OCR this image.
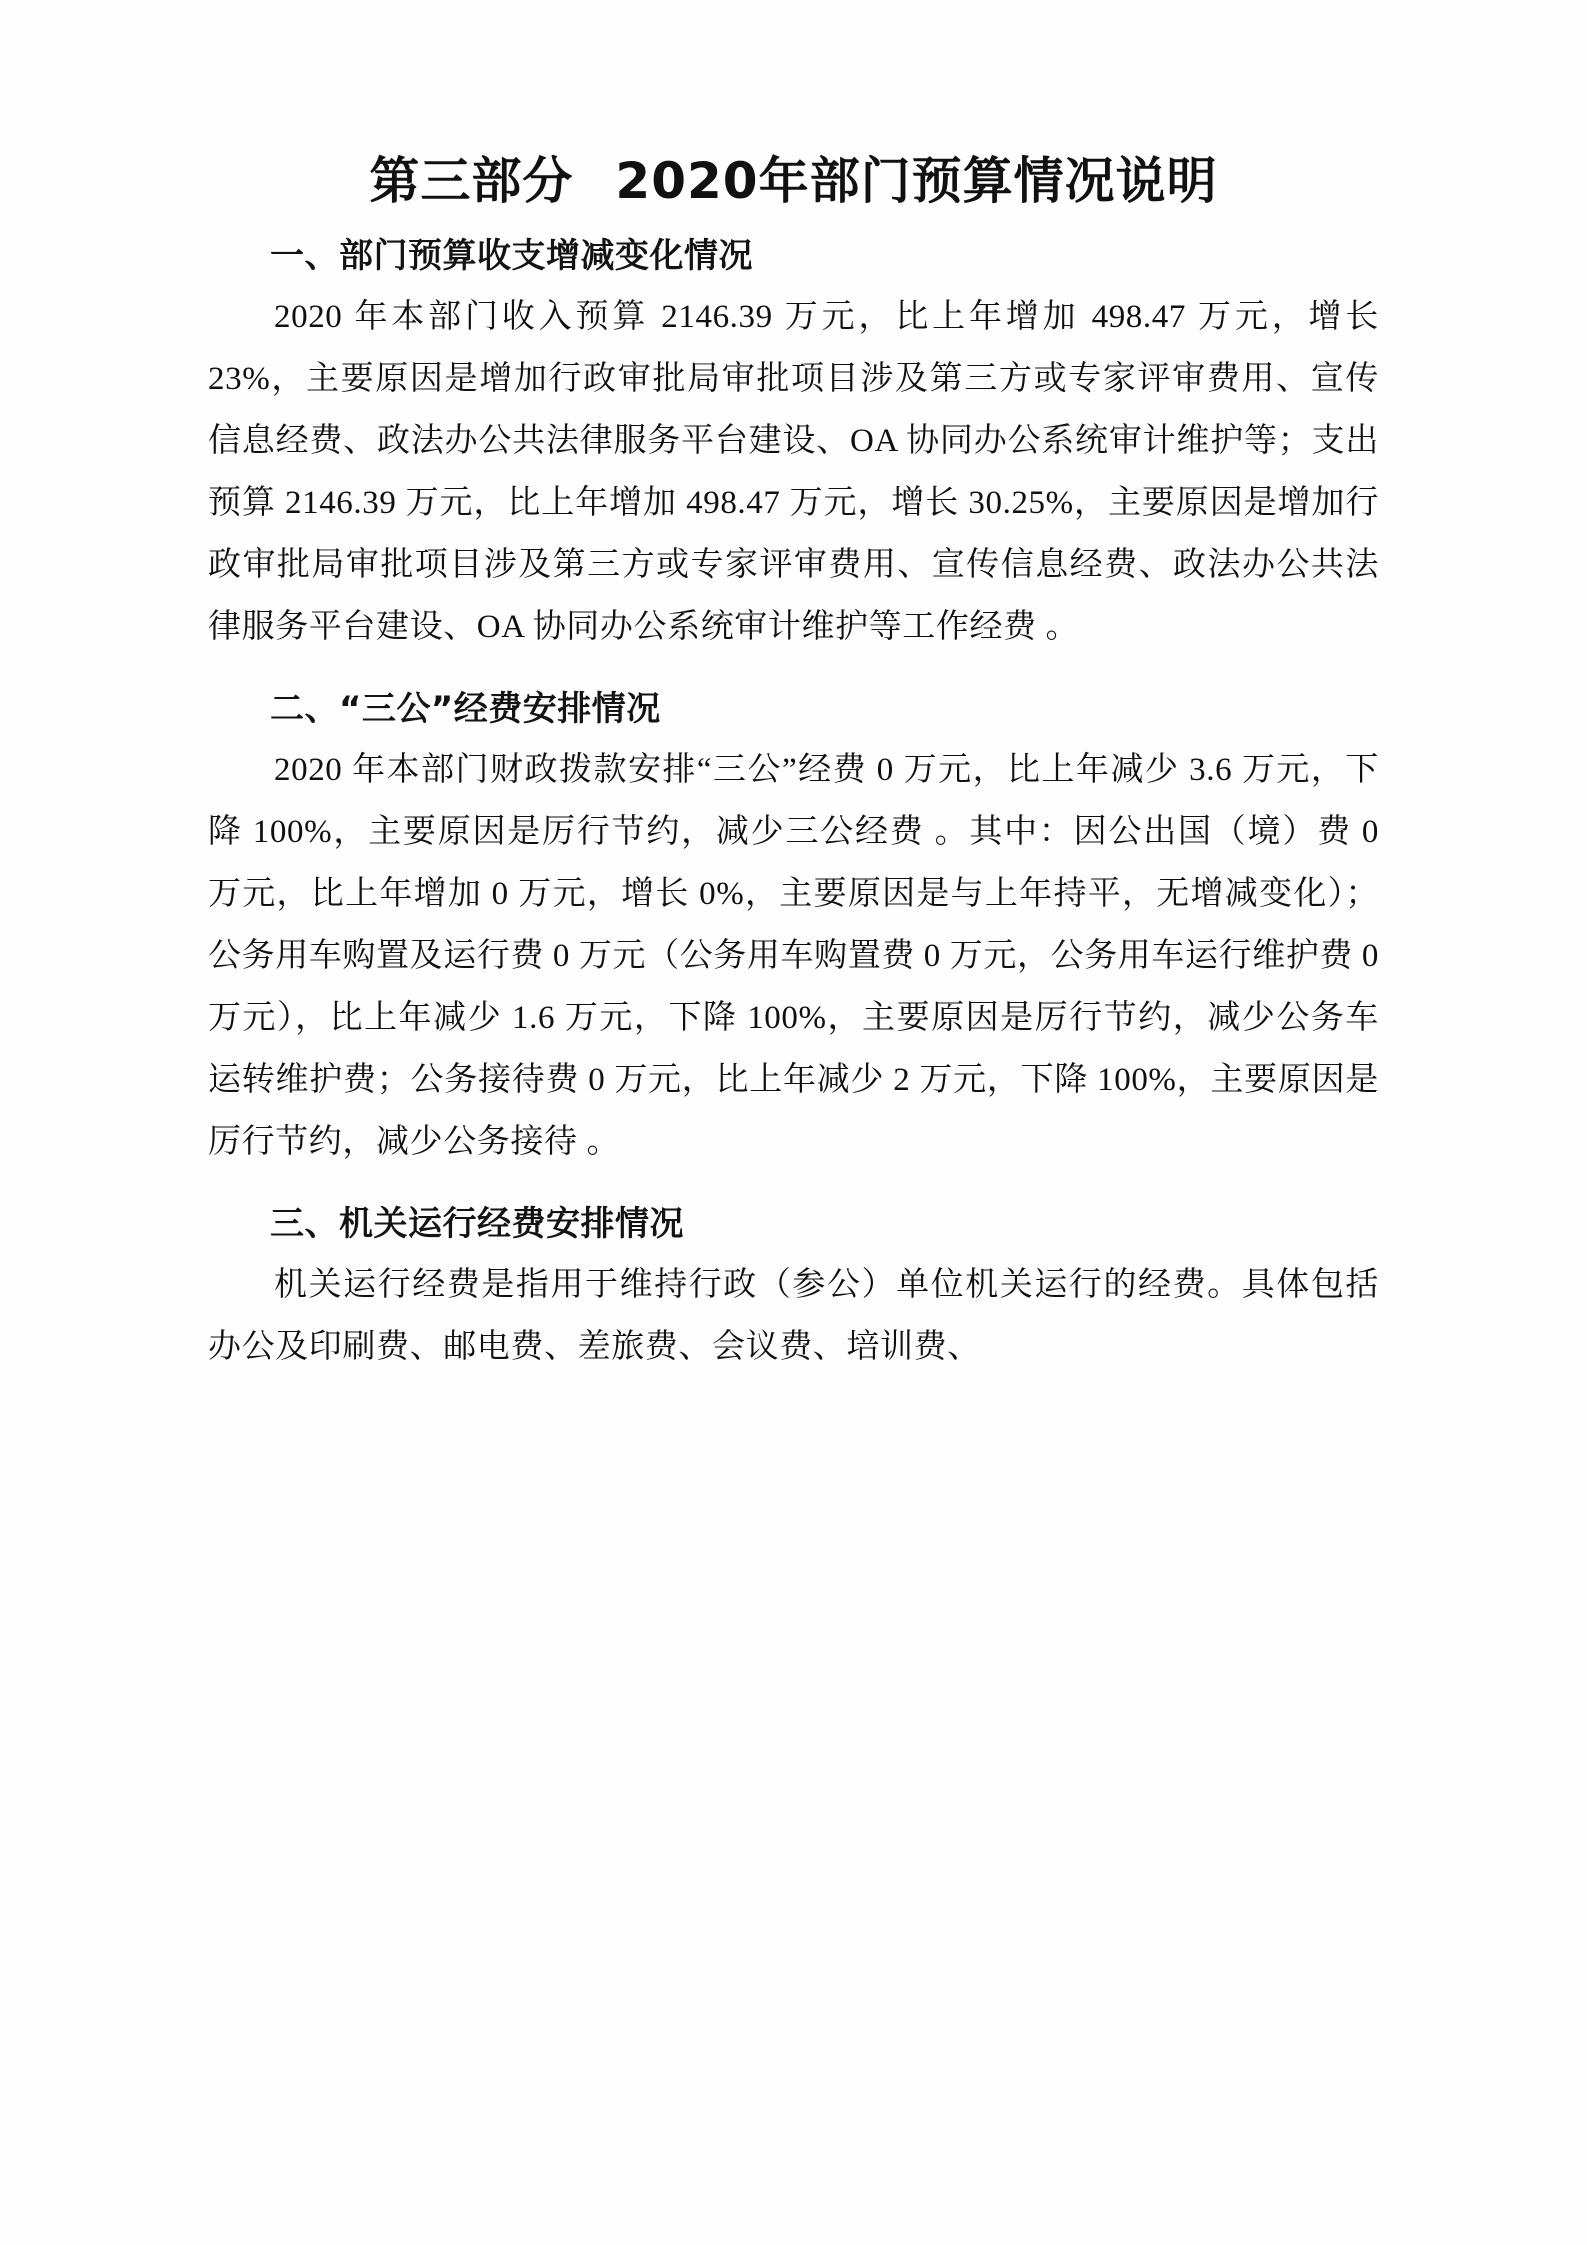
第三部分 2020年部门预算情况说明
一、部门预算收支增减变化情况

2020 年本部门收入预算 2146.39 万元，比上年增加 498.47 万元，增长 23%，主要原因是增加行政审批局审批项目涉及第三方或专家评审费用、宣传信息经费、政法办公共法律服务平台建设、OA 协同办公系统审计维护等；支出预算 2146.39 万元，比上年增加 498.47 万元，增长 30.25%，主要原因是增加行政审批局审批项目涉及第三方或专家评审费用、宣传信息经费、政法办公共法律服务平台建设、OA 协同办公系统审计维护等工作经费 。

二、“三公”经费安排情况

2020 年本部门财政拨款安排“三公”经费 0 万元，比上年减少 3.6 万元，下降 100%，主要原因是厉行节约，减少三公经费 。其中：因公出国（境）费 0 万元，比上年增加 0 万元，增长 0%，主要原因是与上年持平，无增减变化）；公务用车购置及运行费 0 万元（公务用车购置费 0 万元，公务用车运行维护费 0 万元），比上年减少 1.6 万元，下降 100%，主要原因是厉行节约，减少公务车运转维护费；公务接待费 0 万元，比上年减少 2 万元，下降 100%，主要原因是厉行节约，减少公务接待 。

三、机关运行经费安排情况

机关运行经费是指用于维持行政（参公）单位机关运行的经费。具体包括办公及印刷费、邮电费、差旅费、会议费、培训费、
